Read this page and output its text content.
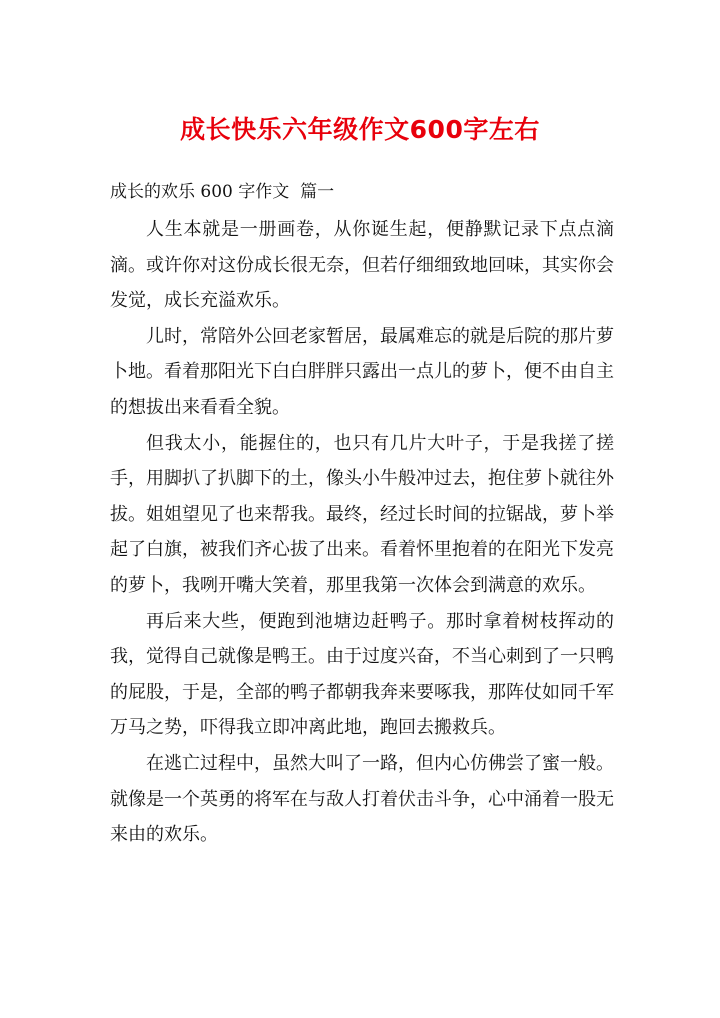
成长快乐六年级作文600字左右
成长的欢乐 600 字作文  篇一

人生本就是一册画卷，从你诞生起，便静默记录下点点滴滴。或许你对这份成长很无奈，但若仔细细致地回味，其实你会发觉，成长充溢欢乐。

儿时，常陪外公回老家暂居，最属难忘的就是后院的那片萝卜地。看着那阳光下白白胖胖只露出一点儿的萝卜，便不由自主的想拔出来看看全貌。

但我太小，能握住的，也只有几片大叶子，于是我搓了搓手，用脚扒了扒脚下的土，像头小牛般冲过去，抱住萝卜就往外拔。姐姐望见了也来帮我。最终，经过长时间的拉锯战，萝卜举起了白旗，被我们齐心拔了出来。看着怀里抱着的在阳光下发亮的萝卜，我咧开嘴大笑着，那里我第一次体会到满意的欢乐。

再后来大些，便跑到池塘边赶鸭子。那时拿着树枝挥动的我，觉得自己就像是鸭王。由于过度兴奋，不当心刺到了一只鸭的屁股，于是，全部的鸭子都朝我奔来要啄我，那阵仗如同千军万马之势，吓得我立即冲离此地，跑回去搬救兵。

在逃亡过程中，虽然大叫了一路，但内心仿佛尝了蜜一般。就像是一个英勇的将军在与敌人打着伏击斗争，心中涌着一股无来由的欢乐。
